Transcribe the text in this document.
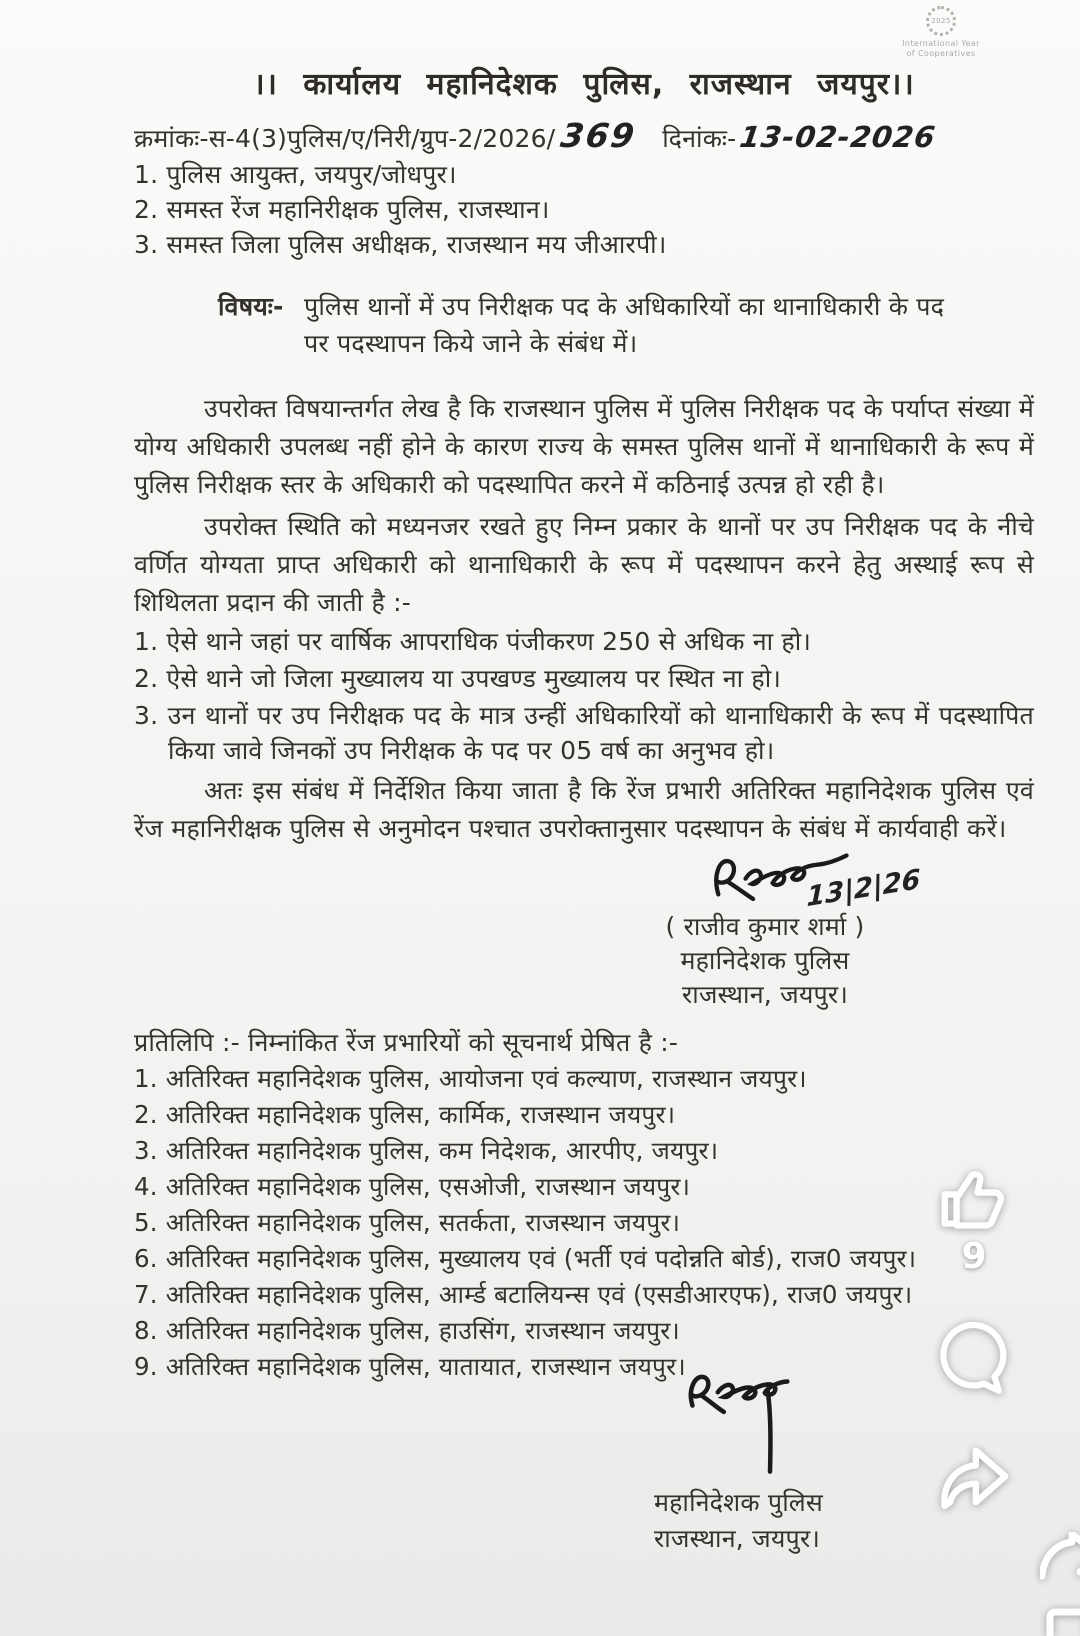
2025
International Year
of Cooperatives
।। कार्यालय महानिदेशक पुलिस, राजस्थान जयपुर।।
क्रमांकः-स-4(3)पुलिस/ए/निरी/ग्रुप-2/2026/ 369 दिनांकः- 13-02-2026
1. पुलिस आयुक्त, जयपुर/जोधपुर।
2. समस्त रेंज महानिरीक्षक पुलिस, राजस्थान।
3. समस्त जिला पुलिस अधीक्षक, राजस्थान मय जीआरपी।
विषयः- पुलिस थानों में उप निरीक्षक पद के अधिकारियों का थानाधिकारी के पद पर पदस्थापन किये जाने के संबंध में।
उपरोक्त विषयान्तर्गत लेख है कि राजस्थान पुलिस में पुलिस निरीक्षक पद के पर्याप्त संख्या में योग्य अधिकारी उपलब्ध नहीं होने के कारण राज्य के समस्त पुलिस थानों में थानाधिकारी के रूप में पुलिस निरीक्षक स्तर के अधिकारी को पदस्थापित करने में कठिनाई उत्पन्न हो रही है।
उपरोक्त स्थिति को मध्यनजर रखते हुए निम्न प्रकार के थानों पर उप निरीक्षक पद के नीचे वर्णित योग्यता प्राप्त अधिकारी को थानाधिकारी के रूप में पदस्थापन करने हेतु अस्थाई रूप से शिथिलता प्रदान की जाती है :-
1. ऐसे थाने जहां पर वार्षिक आपराधिक पंजीकरण 250 से अधिक ना हो।
2. ऐसे थाने जो जिला मुख्यालय या उपखण्ड मुख्यालय पर स्थित ना हो।
3. उन थानों पर उप निरीक्षक पद के मात्र उन्हीं अधिकारियों को थानाधिकारी के रूप में पदस्थापित किया जावे जिनकों उप निरीक्षक के पद पर 05 वर्ष का अनुभव हो।
अतः इस संबंध में निर्देशित किया जाता है कि रेंज प्रभारी अतिरिक्त महानिदेशक पुलिस एवं रेंज महानिरीक्षक पुलिस से अनुमोदन पश्चात उपरोक्तानुसार पदस्थापन के संबंध में कार्यवाही करें।
13|2|26
( राजीव कुमार शर्मा )
महानिदेशक पुलिस
राजस्थान, जयपुर।
प्रतिलिपि :- निम्नांकित रेंज प्रभारियों को सूचनार्थ प्रेषित है :-
1. अतिरिक्त महानिदेशक पुलिस, आयोजना एवं कल्याण, राजस्थान जयपुर।
2. अतिरिक्त महानिदेशक पुलिस, कार्मिक, राजस्थान जयपुर।
3. अतिरिक्त महानिदेशक पुलिस, कम निदेशक, आरपीए, जयपुर।
4. अतिरिक्त महानिदेशक पुलिस, एसओजी, राजस्थान जयपुर।
5. अतिरिक्त महानिदेशक पुलिस, सतर्कता, राजस्थान जयपुर।
6. अतिरिक्त महानिदेशक पुलिस, मुख्यालय एवं (भर्ती एवं पदोन्नति बोर्ड), राज0 जयपुर।
7. अतिरिक्त महानिदेशक पुलिस, आर्म्ड बटालियन्स एवं (एसडीआरएफ), राज0 जयपुर।
8. अतिरिक्त महानिदेशक पुलिस, हाउसिंग, राजस्थान जयपुर।
9. अतिरिक्त महानिदेशक पुलिस, यातायात, राजस्थान जयपुर।
महानिदेशक पुलिस
राजस्थान, जयपुर।
9
